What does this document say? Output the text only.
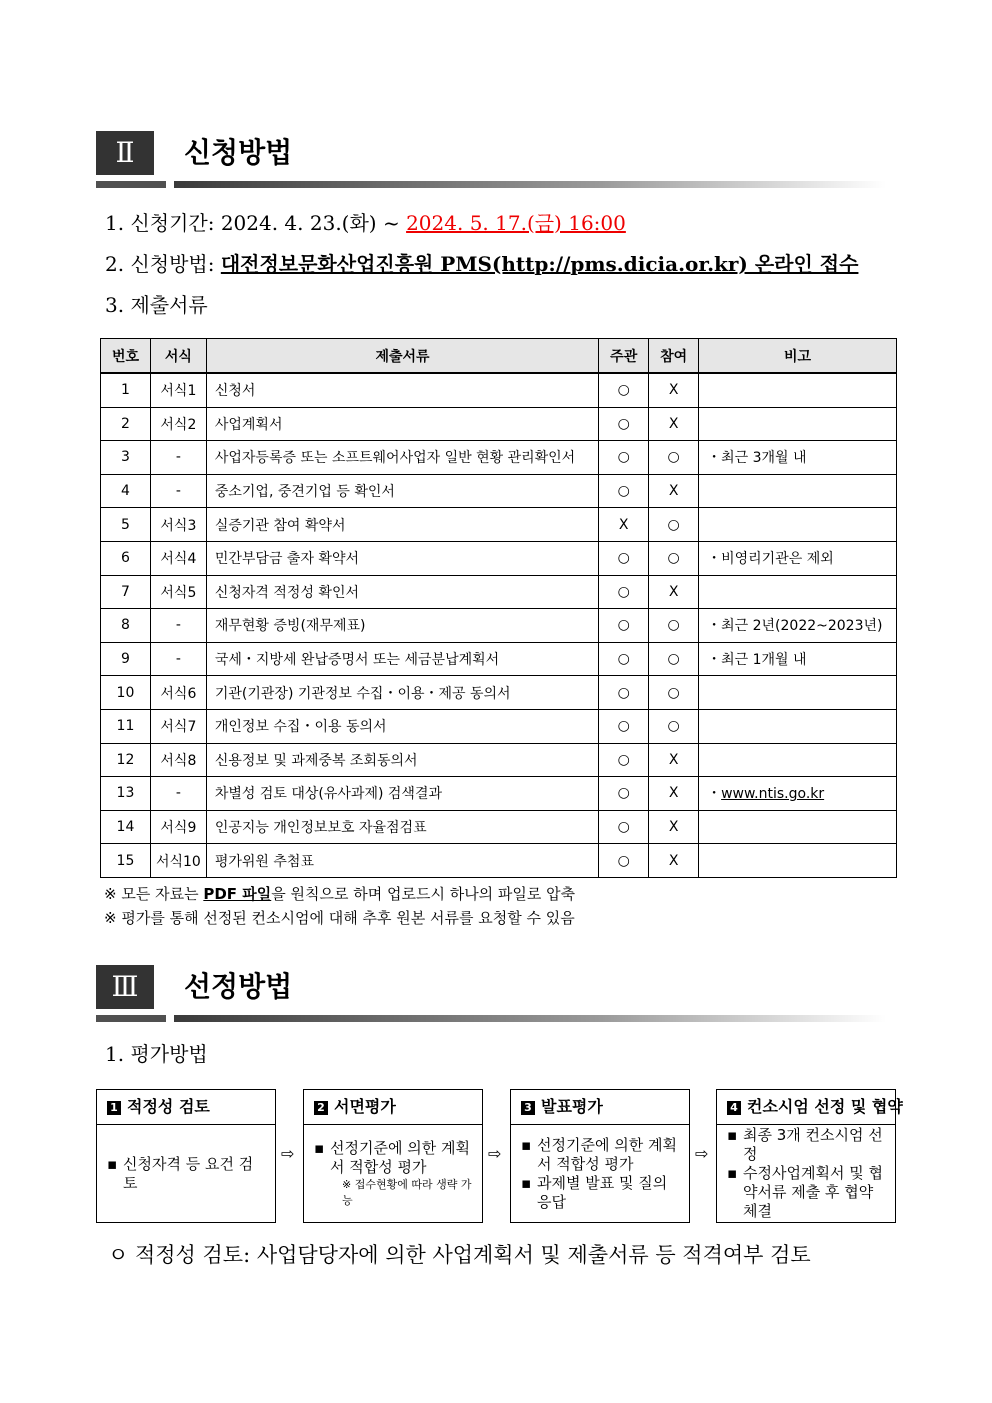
Ⅱ	신청방법
1. 신청기간: 2024. 4. 23.(화) ~ 2024. 5. 17.(금) 16:00
2. 신청방법: 대전정보문화산업진흥원 PMS(http://pms.dicia.or.kr) 온라인 접수
3. 제출서류
번호	서식	제출서류	주관	참여	비고
1	서식1	신청서	○	X	
2	서식2	사업계획서	○	X	
3	-	사업자등록증 또는 소프트웨어사업자 일반 현황 관리확인서	○	○	・최근 3개월 내
4	-	중소기업, 중견기업 등 확인서	○	X	
5	서식3	실증기관 참여 확약서	X	○	
6	서식4	민간부담금 출자 확약서	○	○	・비영리기관은 제외
7	서식5	신청자격 적정성 확인서	○	X	
8	-	재무현황 증빙(재무제표)	○	○	・최근 2년(2022~2023년)
9	-	국세・지방세 완납증명서 또는 세금분납계획서	○	○	・최근 1개월 내
10	서식6	기관(기관장) 기관정보 수집・이용・제공 동의서	○	○	
11	서식7	개인정보 수집・이용 동의서	○	○	
12	서식8	신용정보 및 과제중복 조회동의서	○	X	
13	-	차별성 검토 대상(유사과제) 검색결과	○	X	・www.ntis.go.kr
14	서식9	인공지능 개인정보보호 자율점검표	○	X	
15	서식10	평가위원 추첨표	○	X	
※ 모든 자료는 PDF 파일을 원칙으로 하며 업로드시 하나의 파일로 압축
※ 평가를 통해 선정된 컨소시엄에 대해 추후 원본 서류를 요청할 수 있음
Ⅲ	선정방법
1. 평가방법
ㅇ 적정성 검토: 사업담당자에 의한 사업계획서 및 제출서류 등 적격여부 검토
1 적정성 검토
▪ 신청자격 등 요건 검토
⇨
2 서면평가
▪ 선정기준에 의한 계획서 적합성 평가
※ 접수현황에 따라 생략 가능
⇨
3 발표평가
▪ 선정기준에 의한 계획서 적합성 평가
▪ 과제별 발표 및 질의응답
⇨
4 컨소시엄 선정 및 협약
▪ 최종 3개 컨소시엄 선정
▪ 수정사업계획서 및 협약서류 제출 후 협약체결
